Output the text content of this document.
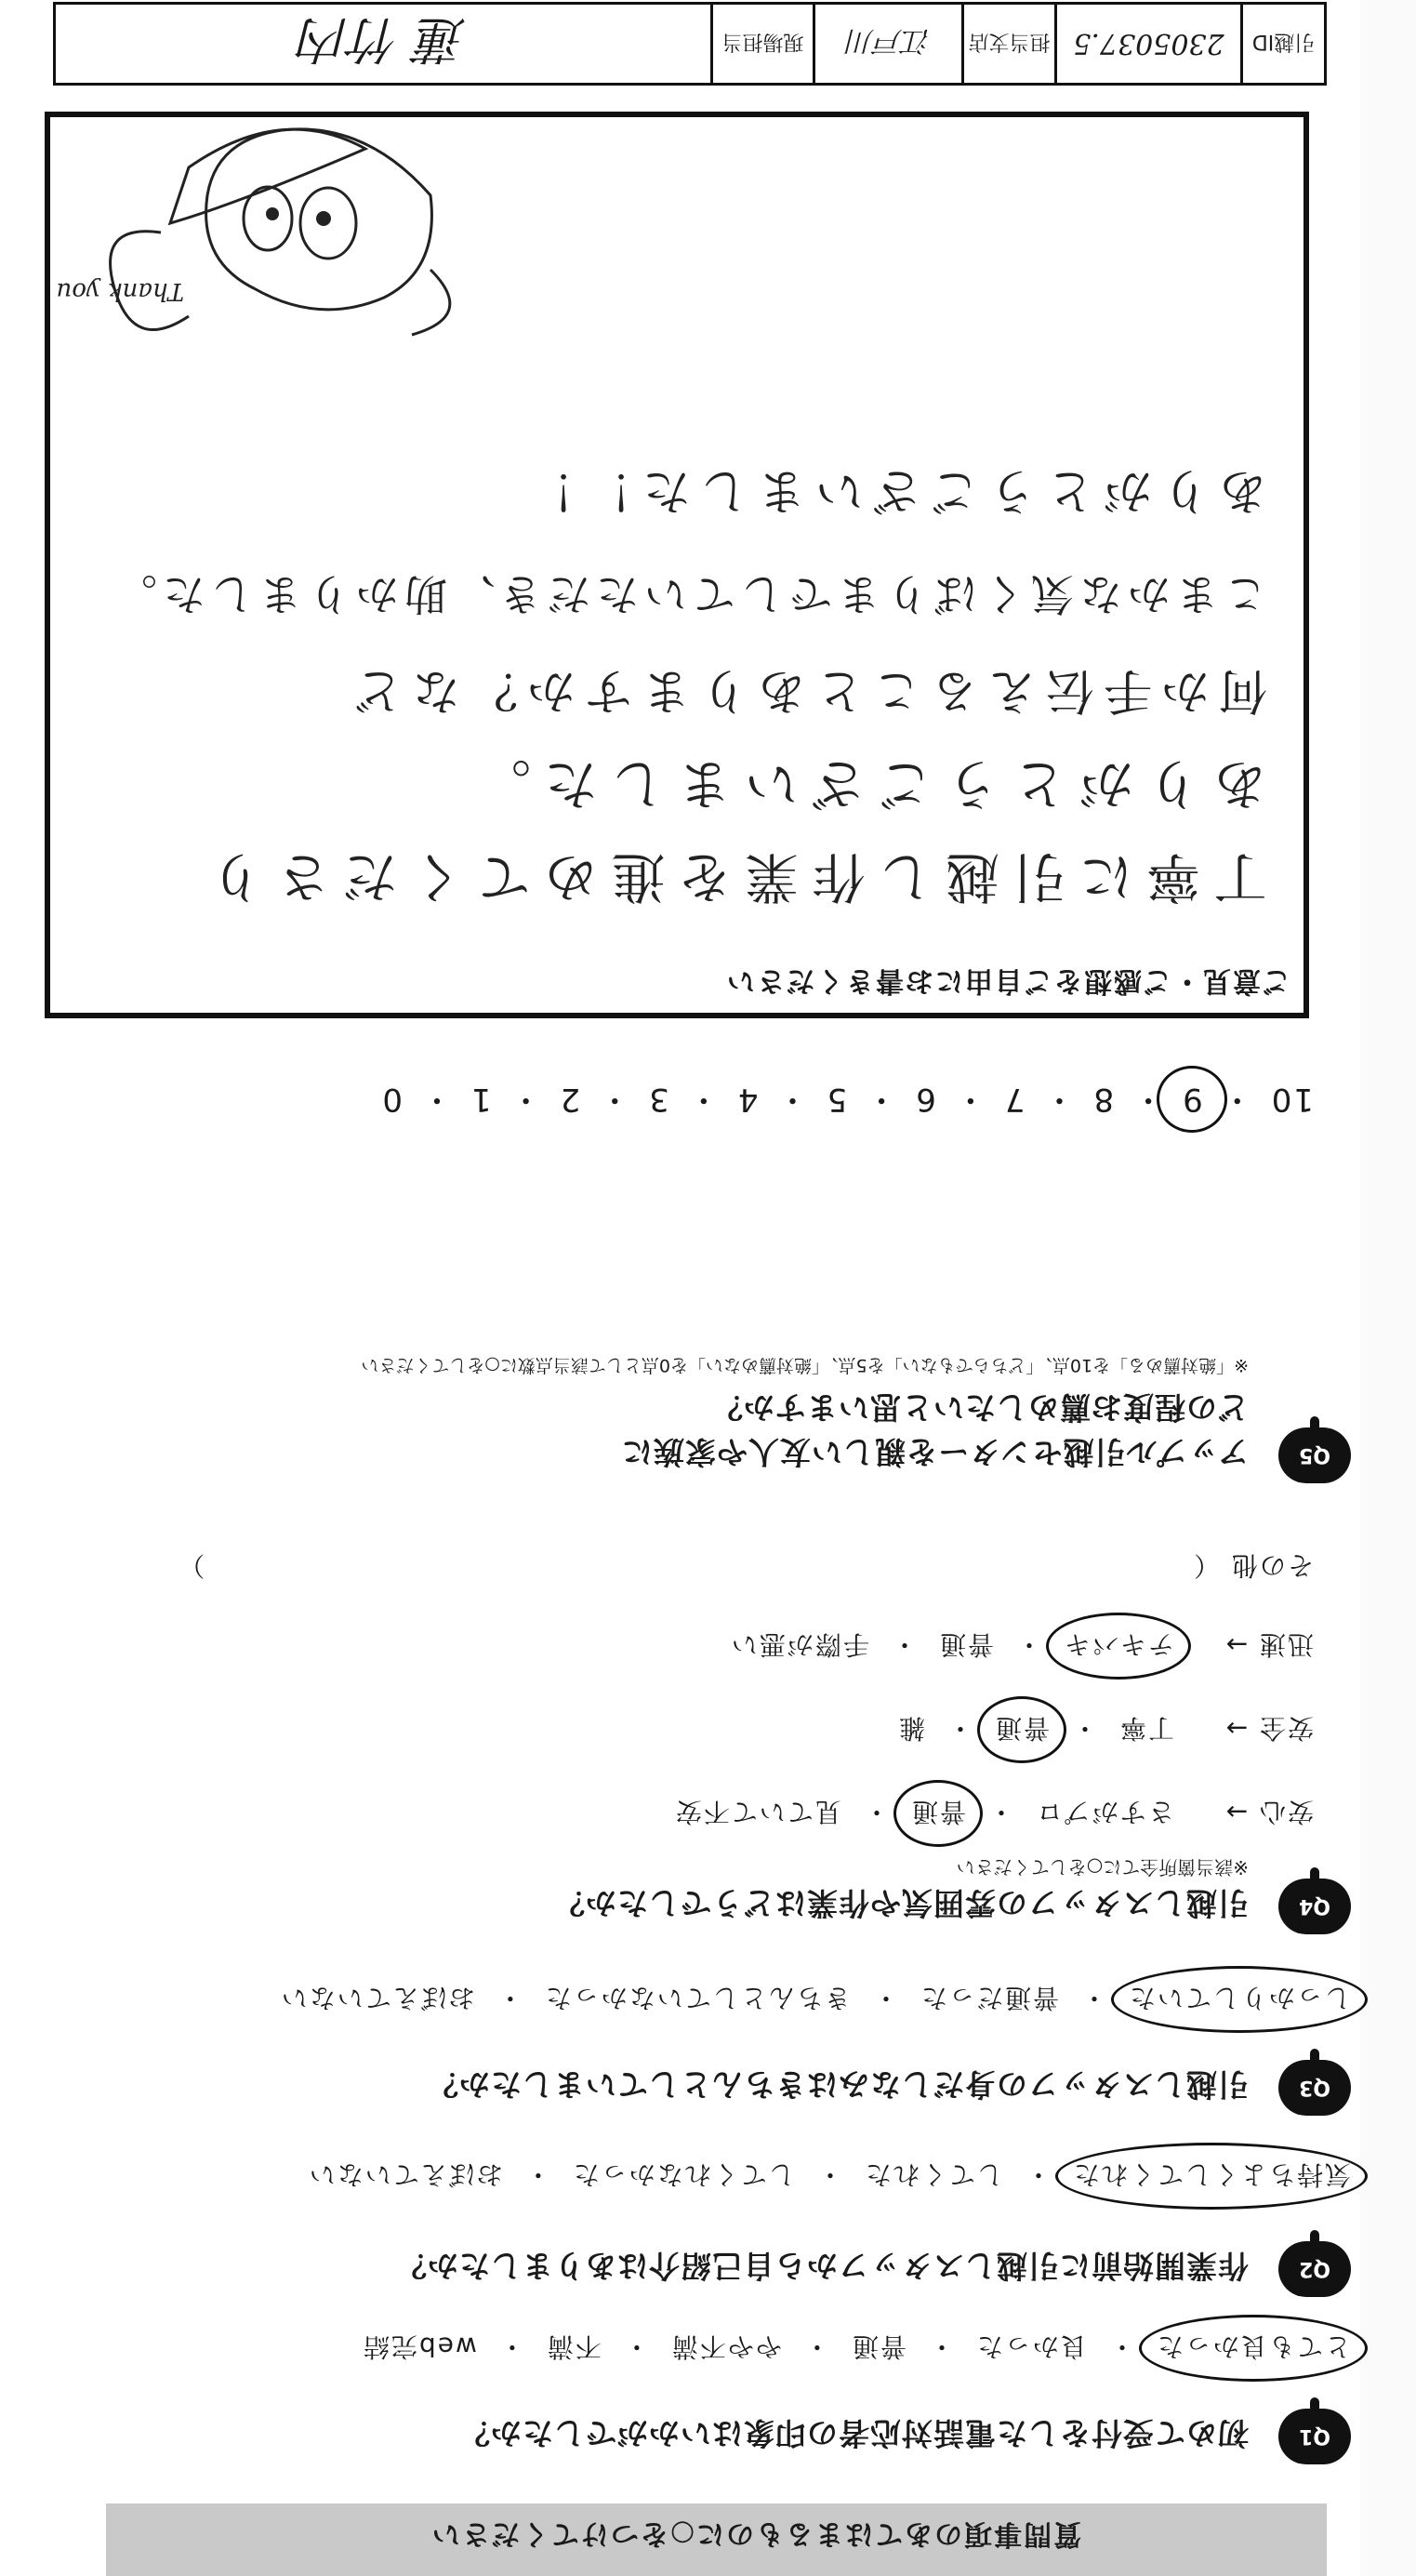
質問事項のあてはまるものに○をつけてください
Q1
初めて受付をした電話対応者の印象はいかがでしたか？
とても良かった・良かった・普通・やや不満・不満・web完結
Q2
作業開始前に引越しスタッフから自己紹介はありましたか？
気持ちよくしてくれた・してくれた・してくれなかった・おぼえていない
Q3
引越しスタッフの身だしなみはきちんとしていましたか？
しっかりしていた・普通だった・きちんとしていなかった・おぼえていない
Q4
引越しスタッフの雰囲気や作業はどうでしたか？
※該当箇所全てに○をしてください
安心 →さすがプロ・
普通・見ていて不安
安全 →丁寧・
普通・雑
迅速 →
テキパキ・普通・手際が悪い
その他 （  ）
Q5
アップル引越センターを親しい友人や家族に
どの程度お薦めしたいと思いますか？
※「絶対薦める」を10点、「どちらでもない」を5点、「絶対薦めない」を0点として該当点数に○をしてください
10・
9・8・7・6・5・4・3・2・1・0
ご意見・ご感想をご自由にお書きください
丁寧に引越し作業を進めてくださり
ありがとうございました。
何か手伝えることありますか？など
こまかな気くばりまでしていただき、助かりました。
ありがとうございました！！
Thank you
引越ID
2305037.5
担当支店
江戸川
現場担当
蓮 竹内
